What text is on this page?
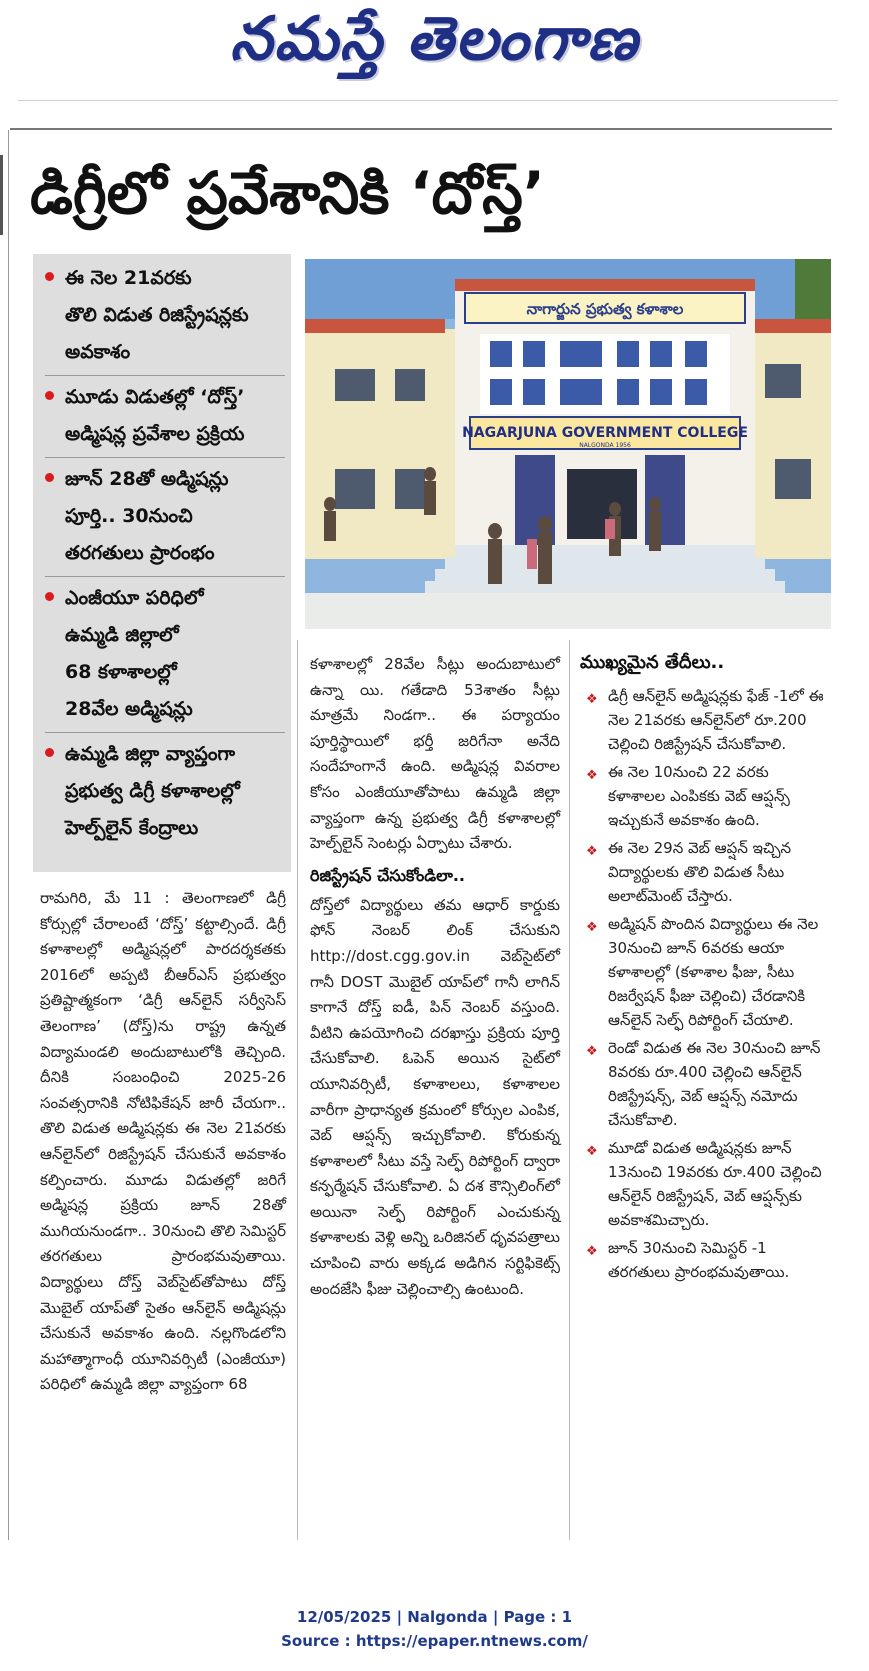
నమస్తే తెలంగాణ
డిగ్రీలో ప్రవేశానికి ‘దోస్త్‌’
ఈ నెల 21వరకు
తొలి విడుత రిజిస్ట్రేషన్లకు
అవకాశం
మూడు విడుతల్లో ‘దోస్త్‌’
అడ్మిషన్ల ప్రవేశాల ప్రక్రియ
జూన్‌ 28తో అడ్మిషన్లు
పూర్తి.. 30నుంచి
తరగతులు ప్రారంభం
ఎంజీయూ పరిధిలో
ఉమ్మడి జిల్లాలో
68 కళాశాలల్లో
28వేల అడ్మిషన్లు
ఉమ్మడి జిల్లా వ్యాప్తంగా
ప్రభుత్వ డిగ్రీ కళాశాలల్లో
హెల్ప్‌లైన్‌ కేంద్రాలు
నాగార్జున ప్రభుత్వ కళాశాల
NAGARJUNA GOVERNMENT COLLEGE
NALGONDA 1956

రామగిరి, మే 11 : తెలంగాణలో డిగ్రీ కోర్సుల్లో చేరాలంటే ‘దోస్త్‌’ కట్టాల్సిందే. డిగ్రీ కళాశాలల్లో అడ్మిషన్లలో పారదర్శకతకు 2016లో అప్పటి బీఆర్‌ఎస్‌ ప్రభుత్వం ప్రతిష్టాత్మకంగా ‘డిగ్రీ ఆన్‌లైన్‌ సర్వీసెస్‌ తెలంగాణ’ (దోస్త్‌)ను రాష్ట్ర ఉన్నత విద్యామండలి అందుబాటులోకి తెచ్చింది. దీనికి సంబంధించి 2025-26 సంవత్సరానికి నోటిఫికేషన్‌ జారీ చేయగా.. తొలి విడుత అడ్మిషన్లకు ఈ నెల 21వరకు ఆన్‌లైన్‌లో రిజిస్ట్రేషన్‌ చేసుకునే అవకాశం కల్పించారు. మూడు విడుతల్లో జరిగే అడ్మిషన్ల ప్రక్రియ జూన్‌ 28తో ముగియనుండగా.. 30నుంచి తొలి సెమిస్టర్‌ తరగతులు ప్రారంభమవుతాయి. విద్యార్థులు దోస్త్‌ వెబ్‌సైట్‌తోపాటు దోస్త్‌ మొబైల్‌ యాప్‌తో సైతం ఆన్‌లైన్‌ అడ్మిషన్లు చేసుకునే అవకాశం ఉంది. నల్లగొండలోని మహాత్మాగాంధీ యూనివర్సిటీ (ఎంజీయూ) పరిధిలో ఉమ్మడి జిల్లా వ్యాప్తంగా 68

కళాశాలల్లో 28వేల సీట్లు అందుబాటులో ఉన్నా యి. గతేడాది 53శాతం సీట్లు మాత్రమే నిండగా.. ఈ పర్యాయం పూర్తిస్థాయిలో భర్తీ జరిగేనా అనేది సందేహంగానే ఉంది. అడ్మిషన్ల వివరాల కోసం ఎంజీయూతోపాటు ఉమ్మడి జిల్లా వ్యాప్తంగా ఉన్న ప్రభుత్వ డిగ్రీ కళాశాలల్లో హెల్ప్‌లైన్‌ సెంటర్లు ఏర్పాటు చేశారు.

రిజిస్ట్రేషన్‌ చేసుకోండిలా..

దోస్త్‌లో విద్యార్థులు తమ ఆధార్‌ కార్డుకు ఫోన్‌ నెంబర్‌ లింక్‌ చేసుకుని http://dost.cgg.gov.in వెబ్‌సైట్‌లో గానీ DOST మొబైల్‌ యాప్‌లో గానీ లాగిన్‌ కాగానే దోస్త్‌ ఐడీ, పిన్‌ నెంబర్‌ వస్తుంది. వీటిని ఉపయోగించి దరఖాస్తు ప్రక్రియ పూర్తి చేసుకోవాలి. ఓపెన్‌ అయిన సైట్‌లో యూనివర్సిటీ, కళాశాలలు, కళాశాలల వారీగా ప్రాధాన్యత క్రమంలో కోర్సుల ఎంపిక, వెబ్‌ ఆప్షన్స్‌ ఇచ్చుకోవాలి. కోరుకున్న కళాశాలలో సీటు వస్తే సెల్ఫ్‌ రిపోర్టింగ్‌ ద్వారా కన్ఫర్మేషన్‌ చేసుకోవాలి. ఏ దశ కౌన్సిలింగ్‌లో అయినా సెల్ఫ్‌ రిపోర్టింగ్‌ ఎంచుకున్న కళాశాలకు వెళ్లి అన్ని ఒరిజినల్‌ ధృవపత్రాలు చూపించి వారు అక్కడ అడిగిన సర్టిఫికెట్స్‌ అందజేసి ఫీజు చెల్లించాల్సి ఉంటుంది.

ముఖ్యమైన తేదీలు..
❖ డిగ్రీ ఆన్‌లైన్‌ అడ్మిషన్లకు ఫేజ్‌ -1లో ఈ నెల 21వరకు ఆన్‌లైన్‌లో రూ.200 చెల్లించి రిజిస్ట్రేషన్‌ చేసుకోవాలి.
❖ ఈ నెల 10నుంచి 22 వరకు కళాశాలల ఎంపికకు వెబ్‌ ఆప్షన్స్‌ ఇచ్చుకునే అవకాశం ఉంది.
❖ ఈ నెల 29న వెబ్‌ ఆప్షన్‌ ఇచ్చిన విద్యార్థులకు తొలి విడుత సీటు అలాట్‌మెంట్‌ చేస్తారు.
❖ అడ్మిషన్‌ పొందిన విద్యార్థులు ఈ నెల 30నుంచి జూన్‌ 6వరకు ఆయా కళాశాలల్లో (కళాశాల ఫీజు, సీటు రిజర్వేషన్‌ ఫీజు చెల్లించి) చేరడానికి ఆన్‌లైన్‌ సెల్ఫ్‌ రిపోర్టింగ్‌ చేయాలి.
❖ రెండో విడుత ఈ నెల 30నుంచి జూన్‌ 8వరకు రూ.400 చెల్లించి ఆన్‌లైన్‌ రిజిస్ట్రేషన్స్‌, వెబ్‌ ఆప్షన్స్‌ నమోదు చేసుకోవాలి.
❖ మూడో విడుత అడ్మిషన్లకు జూన్‌ 13నుంచి 19వరకు రూ.400 చెల్లించి ఆన్‌లైన్‌ రిజిస్ట్రేషన్‌, వెబ్‌ ఆప్షన్స్‌కు అవకాశమిచ్చారు.
❖ జూన్‌ 30నుంచి సెమిస్టర్‌ -1 తరగతులు ప్రారంభమవుతాయి.
12/05/2025 | Nalgonda | Page : 1
Source : https://epaper.ntnews.com/
